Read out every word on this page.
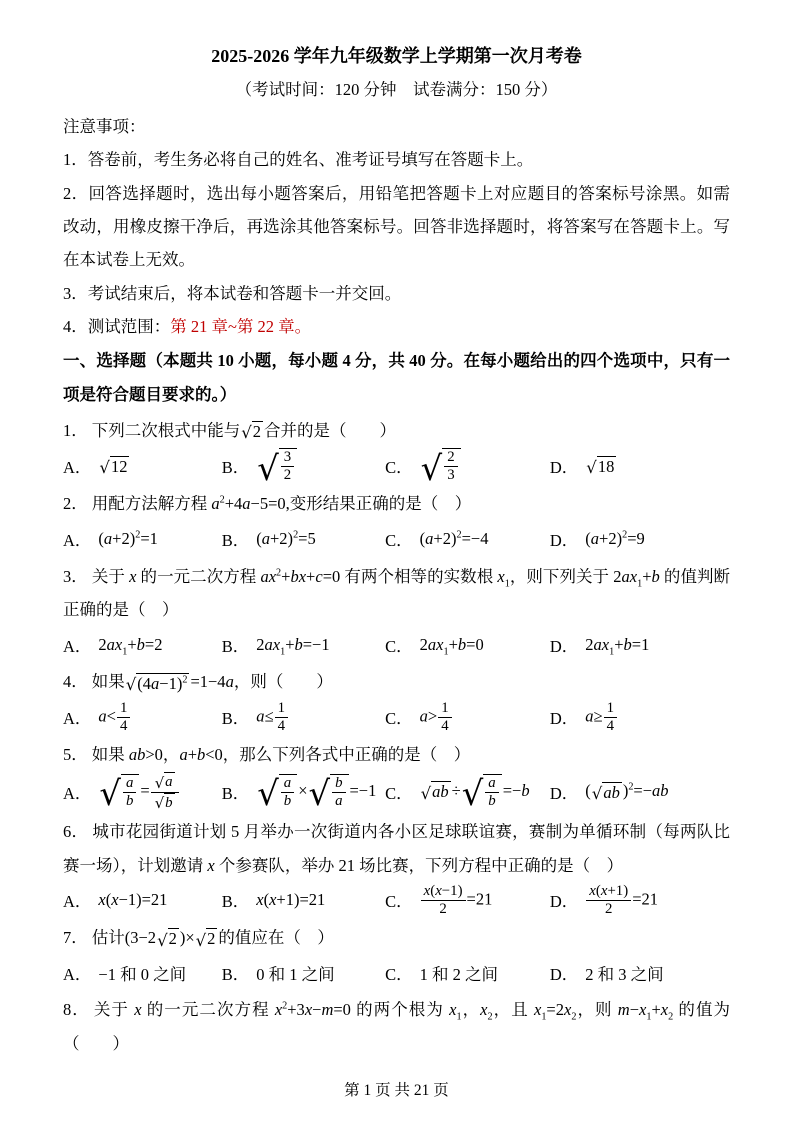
2025-2026 学年九年级数学上学期第一次月考卷

（考试时间：120 分钟　试卷满分：150 分）

注意事项：

1．答卷前，考生务必将自己的姓名、准考证号填写在答题卡上。

2．回答选择题时，选出每小题答案后，用铅笔把答题卡上对应题目的答案标号涂黑。如需改动，用橡皮擦干净后，再选涂其他答案标号。回答非选择题时，将答案写在答题卡上。写在本试卷上无效。

3．考试结束后，将本试卷和答题卡一并交回。

4．测试范围：第 21 章~第 22 章。

一、选择题（本题共 10 小题，每小题 4 分，共 40 分。在每小题给出的四个选项中，只有一项是符合题目要求的。）

1． 下列二次根式中能与 √ 2 合并的是（　　）

A． √ 12	B． √ $\frac{3}{2}$	C． √ $\frac{2}{3}$	D． √ 18

2． 用配方法解方程 $a^2+4a-5=0$,变形结果正确的是（　）

A． $(a+2)^2=1$	B． $(a+2)^2=5$	C． $(a+2)^2=-4$	D． $(a+2)^2=9$

3． 关于 x 的一元二次方程 $ax^2+bx+c=0$ 有两个相等的实数根 $x_1$，则下列关于 $2ax_1+b$ 的值判断正确的是（　）

A． $2ax_1+b=2$	B． $2ax_1+b=-1$	C． $2ax_1+b=0$	D． $2ax_1+b=1$

4． 如果 √ $(4a-1)^2 =1-4a$，则（　　）

A． $a< \frac{1}{4}$	B． $a\le \frac{1}{4}$	C． $a> \frac{1}{4}$	D． $a\ge \frac{1}{4}$

5． 如果 ab>0，a+b<0，那么下列各式中正确的是（　）

A． √ $\frac{a}{b} = \frac{√ a}{√ b}$	B． √ $\frac{a}{b}$ × √ $\frac{b}{a} =-1$ C． √ ab ÷ √ $\frac{a}{b} =-b$ D． ( √ ab )$^2$=−ab

6． 城市花园街道计划 5 月举办一次街道内各小区足球联谊赛，赛制为单循环制（每两队比赛一场），计划邀请 x 个参赛队，举办 21 场比赛，下列方程中正确的是（　）

A． x(x−1)=21	B． x(x+1)=21	C． $\frac{x(x-1)}{2} =21$	D． $\frac{x(x+1)}{2} =21$

7． 估计(3−2 √ 2 )× √ 2 的值应在（　）

A． −1 和 0 之间 B． 0 和 1 之间	C． 1 和 2 之间	D． 2 和 3 之间

8． 关于 x 的一元二次方程 $x^2+3x-m=0$ 的两个根为 $x_1$，$x_2$，且 $x_1=2x_2$，则 $m-x_1+x_2$ 的值为（　　）

第 1 页 共 21 页
